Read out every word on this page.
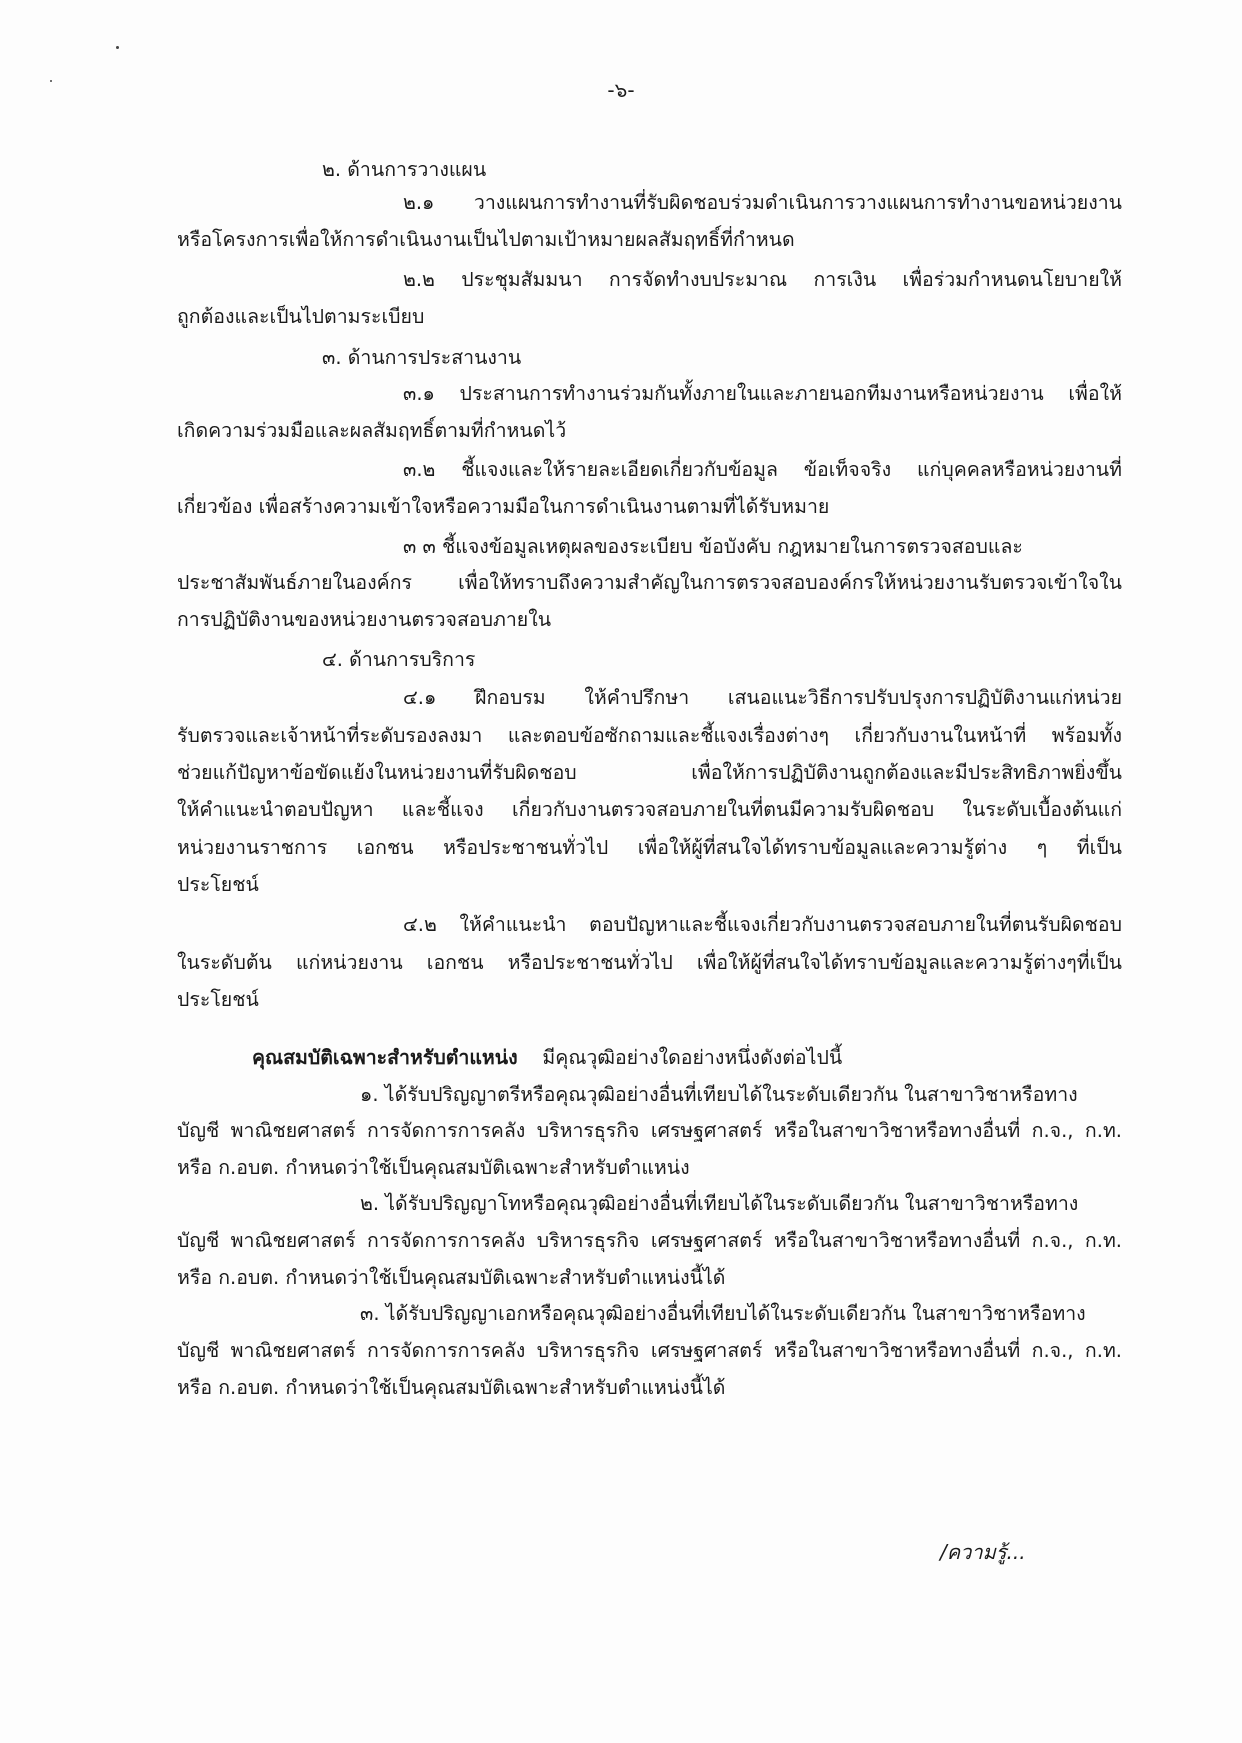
-๖-
๒. ด้านการวางแผน
๒.๑ วางแผนการทำงานที่รับผิดชอบร่วมดำเนินการวางแผนการทำงานขอหน่วยงาน
หรือโครงการเพื่อให้การดำเนินงานเป็นไปตามเป้าหมายผลสัมฤทธิ์ที่กำหนด
๒.๒ ประชุมสัมมนา การจัดทำงบประมาณ การเงิน เพื่อร่วมกำหนดนโยบายให้
ถูกต้องและเป็นไปตามระเบียบ
๓. ด้านการประสานงาน
๓.๑ ประสานการทำงานร่วมกันทั้งภายในและภายนอกทีมงานหรือหน่วยงาน เพื่อให้
เกิดความร่วมมือและผลสัมฤทธิ์ตามที่กำหนดไว้
๓.๒ ชี้แจงและให้รายละเอียดเกี่ยวกับข้อมูล ข้อเท็จจริง แก่บุคคลหรือหน่วยงานที่
เกี่ยวข้อง เพื่อสร้างความเข้าใจหรือความมือในการดำเนินงานตามที่ได้รับหมาย
๓ ๓ ชี้แจงข้อมูลเหตุผลของระเบียบ ข้อบังคับ กฎหมายในการตรวจสอบและ
ประชาสัมพันธ์ภายในองค์กร เพื่อให้ทราบถึงความสำคัญในการตรวจสอบองค์กรให้หน่วยงานรับตรวจเข้าใจใน
การปฏิบัติงานของหน่วยงานตรวจสอบภายใน
๔. ด้านการบริการ
๔.๑ ฝึกอบรม ให้คำปรึกษา เสนอแนะวิธีการปรับปรุงการปฏิบัติงานแก่หน่วย
รับตรวจและเจ้าหน้าที่ระดับรองลงมา และตอบข้อซักถามและชี้แจงเรื่องต่างๆ เกี่ยวกับงานในหน้าที่ พร้อมทั้ง
ช่วยแก้ปัญหาข้อขัดแย้งในหน่วยงานที่รับผิดชอบ เพื่อให้การปฏิบัติงานถูกต้องและมีประสิทธิภาพยิ่งขึ้น
ให้คำแนะนำตอบปัญหา และชี้แจง เกี่ยวกับงานตรวจสอบภายในที่ตนมีความรับผิดชอบ ในระดับเบื้องต้นแก่
หน่วยงานราชการ เอกชน หรือประชาชนทั่วไป เพื่อให้ผู้ที่สนใจได้ทราบข้อมูลและความรู้ต่าง ๆ ที่เป็น
ประโยชน์
๔.๒ ให้คำแนะนำ ตอบปัญหาและชี้แจงเกี่ยวกับงานตรวจสอบภายในที่ตนรับผิดชอบ
ในระดับต้น แก่หน่วยงาน เอกชน หรือประชาชนทั่วไป เพื่อให้ผู้ที่สนใจได้ทราบข้อมูลและความรู้ต่างๆที่เป็น
ประโยชน์
คุณสมบัติเฉพาะสำหรับตำแหน่ง มีคุณวุฒิอย่างใดอย่างหนึ่งดังต่อไปนี้
๑. ได้รับปริญญาตรีหรือคุณวุฒิอย่างอื่นที่เทียบได้ในระดับเดียวกัน ในสาขาวิชาหรือทาง
บัญชี พาณิชยศาสตร์ การจัดการการคลัง บริหารธุรกิจ เศรษฐศาสตร์ หรือในสาขาวิชาหรือทางอื่นที่ ก.จ., ก.ท.
หรือ ก.อบต. กำหนดว่าใช้เป็นคุณสมบัติเฉพาะสำหรับตำแหน่ง
๒. ได้รับปริญญาโทหรือคุณวุฒิอย่างอื่นที่เทียบได้ในระดับเดียวกัน ในสาขาวิชาหรือทาง
บัญชี พาณิชยศาสตร์ การจัดการการคลัง บริหารธุรกิจ เศรษฐศาสตร์ หรือในสาขาวิชาหรือทางอื่นที่ ก.จ., ก.ท.
หรือ ก.อบต. กำหนดว่าใช้เป็นคุณสมบัติเฉพาะสำหรับตำแหน่งนี้ได้
๓. ได้รับปริญญาเอกหรือคุณวุฒิอย่างอื่นที่เทียบได้ในระดับเดียวกัน ในสาขาวิชาหรือทาง
บัญชี พาณิชยศาสตร์ การจัดการการคลัง บริหารธุรกิจ เศรษฐศาสตร์ หรือในสาขาวิชาหรือทางอื่นที่ ก.จ., ก.ท.
หรือ ก.อบต. กำหนดว่าใช้เป็นคุณสมบัติเฉพาะสำหรับตำแหน่งนี้ได้
/ความรู้...
